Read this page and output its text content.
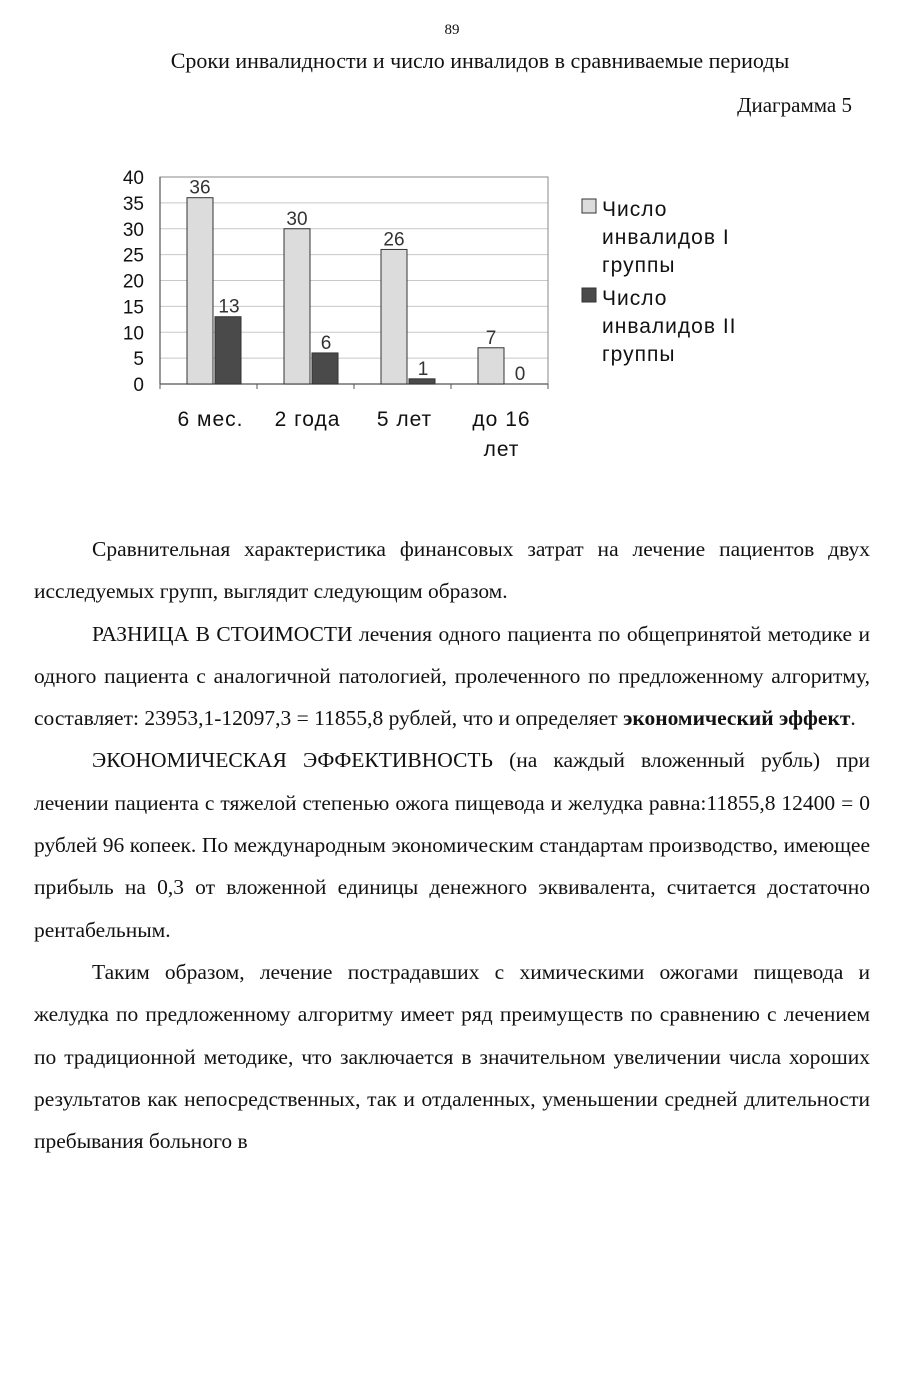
89
Сроки инвалидности и число инвалидов в сравниваемые периоды
Диаграмма 5
0
5
10
15
20
25
30
35
40 36
13
6 мес.
30
6
2 года
26
1
5 лет
7
0
до 16
лет
Число
инвалидов I
группы
Число
инвалидов II
группы

Сравнительная характеристика финансовых затрат на лечение пациентов двух исследуемых групп, выглядит следующим образом.

РАЗНИЦА В СТОИМОСТИ лечения одного пациента по общепринятой методике и одного пациента с аналогичной патологией, пролеченного по предложенному алгоритму, составляет: 23953,1-12097,3 = 11855,8 рублей, что и определяет экономический эффект.

ЭКОНОМИЧЕСКАЯ ЭФФЕКТИВНОСТЬ (на каждый вложенный рубль) при лечении пациента с тяжелой степенью ожога пищевода и желудка равна:11855,8 12400 = 0 рублей 96 копеек. По международным экономическим стандартам производство, имеющее прибыль на 0,3 от вложенной единицы денежного эквивалента, считается достаточно рентабельным.

Таким образом, лечение пострадавших с химическими ожогами пищевода и желудка по предложенному алгоритму имеет ряд преимуществ по сравнению с лечением по традиционной методике, что заключается в значительном увеличении числа хороших результатов как непосредственных, так и отдаленных, уменьшении средней длительности пребывания больного в
